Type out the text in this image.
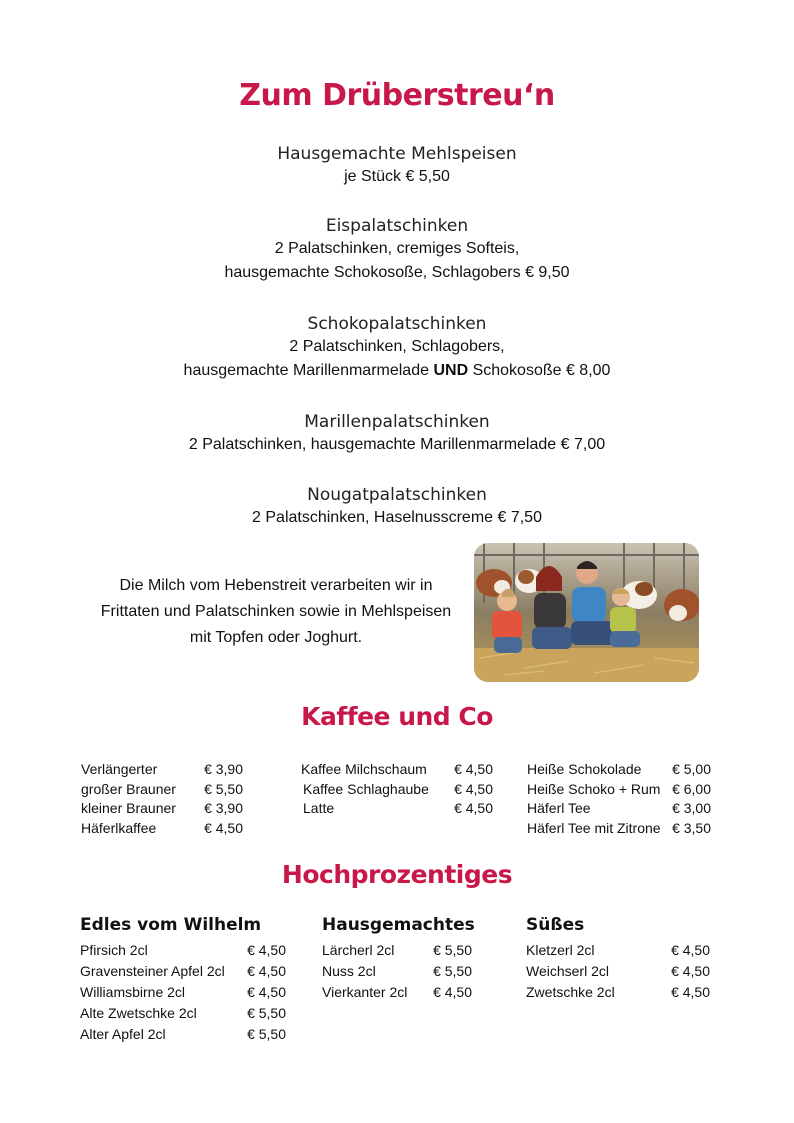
Zum Drüberstreu‘n
Hausgemachte Mehlspeisen
je Stück € 5,50
Eispalatschinken
2 Palatschinken, cremiges Softeis,
hausgemachte Schokosoße, Schlagobers € 9,50
Schokopalatschinken
2 Palatschinken, Schlagobers,
hausgemachte Marillenmarmelade UND Schokosoße € 8,00
Marillenpalatschinken
2 Palatschinken, hausgemachte Marillenmarmelade € 7,00
Nougatpalatschinken
2 Palatschinken, Haselnusscreme € 7,50
Die Milch vom Hebenstreit verarbeiten wir in
Frittaten und Palatschinken sowie in Mehlspeisen
mit Topfen oder Joghurt.
Kaffee und Co
Verlängerter	€ 3,90
großer Brauner € 5,50
kleiner Brauner € 3,90
Häferlkaffee	€ 4,50
Kaffee Milchschaum € 4,50
Kaffee Schlaghaube € 4,50
Latte	€ 4,50
Heiße Schokolade € 5,00
Heiße Schoko + Rum € 6,00
Häferl Tee	€ 3,00
Häferl Tee mit Zitrone € 3,50
Hochprozentiges
Edles vom Wilhelm	Hausgemachtes	Süßes
Pfirsich 2cl	€ 4,50
Gravensteiner Apfel 2cl € 4,50
Williamsbirne 2cl	€ 4,50
Alte Zwetschke 2cl	€ 5,50
Alter Apfel 2cl	€ 5,50
Lärcherl 2cl	€ 5,50
Nuss 2cl	€ 5,50
Vierkanter 2cl € 4,50
Kletzerl 2cl	€ 4,50
Weichserl 2cl	€ 4,50
Zwetschke 2cl	€ 4,50
